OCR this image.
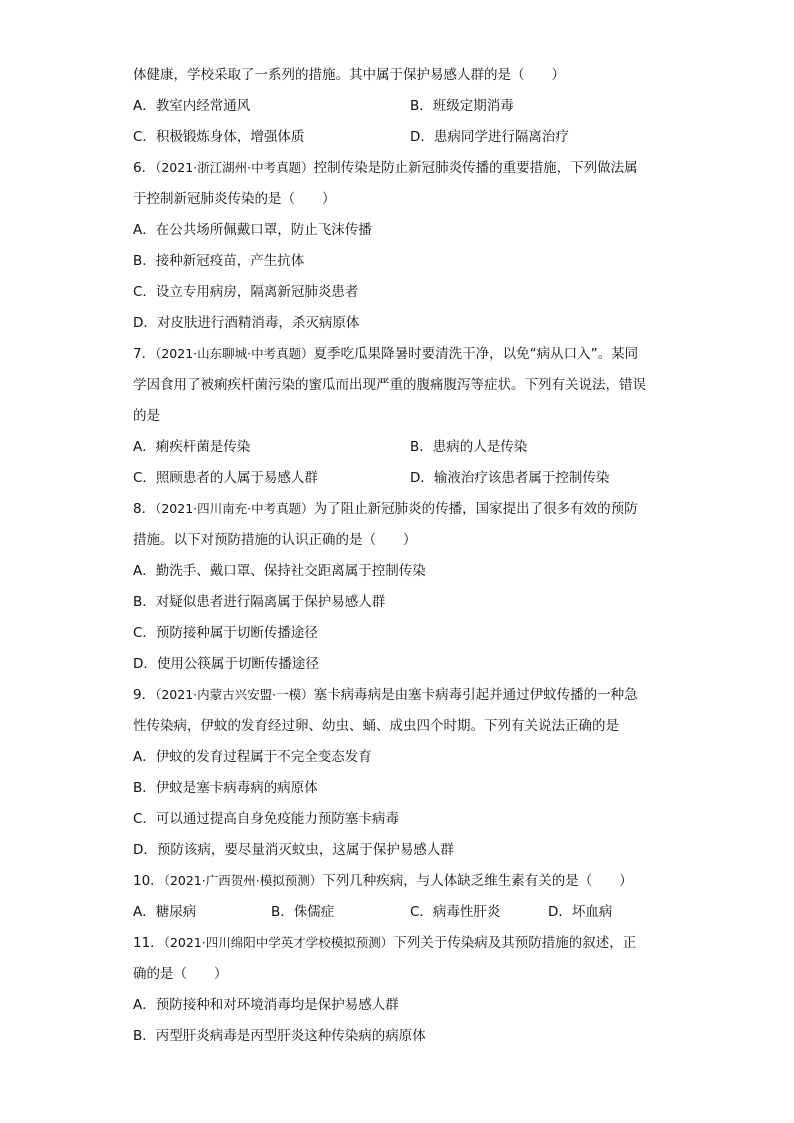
体健康，学校采取了一系列的措施。其中属于保护易感人群的是（　　）
A．教室内经常通风	B．班级定期消毒
C．积极锻炼身体，增强体质	D．患病同学进行隔离治疗
6．（2021·浙江湖州·中考真题）控制传染是防止新冠肺炎传播的重要措施，下列做法属
于控制新冠肺炎传染的是（　　）
A．在公共场所佩戴口罩，防止飞沫传播
B．接种新冠疫苗，产生抗体
C．设立专用病房，隔离新冠肺炎患者
D．对皮肤进行酒精消毒，杀灭病原体
7．（2021·山东聊城·中考真题）夏季吃瓜果降暑时要清洗干净，以免“病从口入”。某同
学因食用了被痢疾杆菌污染的蜜瓜而出现严重的腹痛腹泻等症状。下列有关说法，错误
的是
A．痢疾杆菌是传染	B．患病的人是传染
C．照顾患者的人属于易感人群	D．输液治疗该患者属于控制传染
8．（2021·四川南充·中考真题）为了阻止新冠肺炎的传播，国家提出了很多有效的预防
措施。以下对预防措施的认识正确的是（　　）
A．勤洗手、戴口罩、保持社交距离属于控制传染
B．对疑似患者进行隔离属于保护易感人群
C．预防接种属于切断传播途径
D．使用公筷属于切断传播途径
9．（2021·内蒙古兴安盟·一模）塞卡病毒病是由塞卡病毒引起并通过伊蚊传播的一种急
性传染病，伊蚊的发育经过卵、幼虫、蛹、成虫四个时期。下列有关说法正确的是
A．伊蚊的发育过程属于不完全变态发育
B．伊蚊是塞卡病毒病的病原体
C．可以通过提高自身免疫能力预防塞卡病毒
D．预防该病，要尽量消灭蚊虫，这属于保护易感人群
10．（2021·广西贺州·模拟预测）下列几种疾病，与人体缺乏维生素有关的是（　　）
A．糖尿病	B．侏儒症	C．病毒性肝炎	D．坏血病
11．（2021·四川绵阳中学英才学校模拟预测）下列关于传染病及其预防措施的叙述，正
确的是（　　）
A．预防接种和对环境消毒均是保护易感人群
B．丙型肝炎病毒是丙型肝炎这种传染病的病原体
